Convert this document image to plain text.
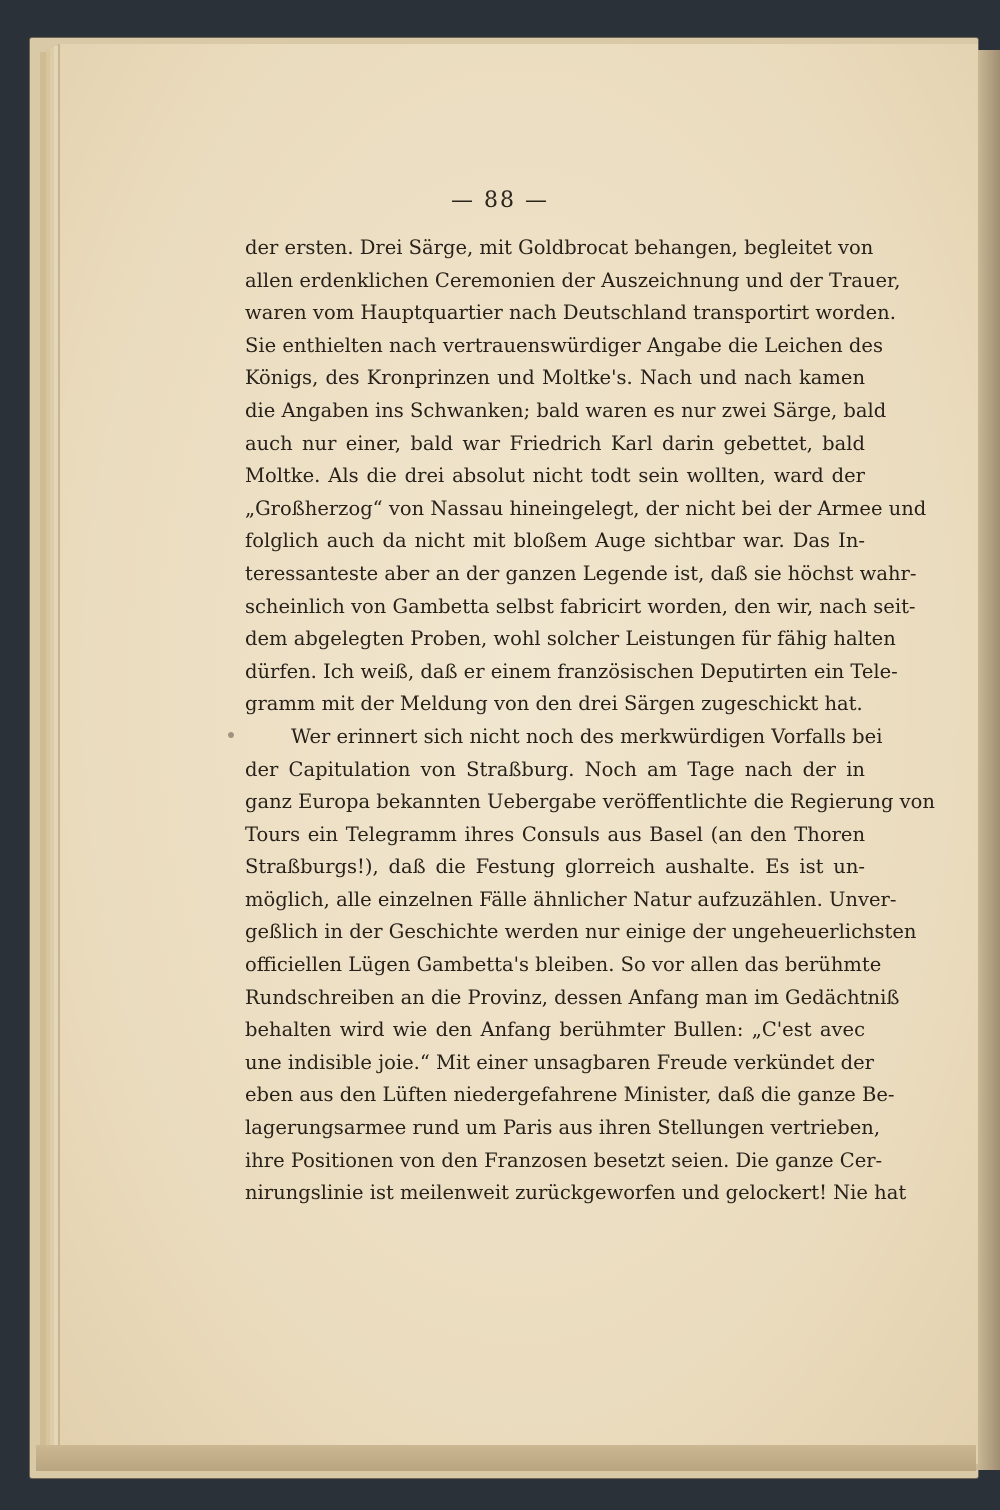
— 88 —
der ersten. Drei Särge, mit Goldbrocat behangen, begleitet von
allen erdenklichen Ceremonien der Auszeichnung und der Trauer,
waren vom Hauptquartier nach Deutschland transportirt worden.
Sie enthielten nach vertrauenswürdiger Angabe die Leichen des
Königs, des Kronprinzen und Moltke's. Nach und nach kamen
die Angaben ins Schwanken; bald waren es nur zwei Särge, bald
auch nur einer, bald war Friedrich Karl darin gebettet, bald
Moltke. Als die drei absolut nicht todt sein wollten, ward der
„Großherzog“ von Nassau hineingelegt, der nicht bei der Armee und
folglich auch da nicht mit bloßem Auge sichtbar war. Das In-
teressanteste aber an der ganzen Legende ist, daß sie höchst wahr-
scheinlich von Gambetta selbst fabricirt worden, den wir, nach seit-
dem abgelegten Proben, wohl solcher Leistungen für fähig halten
dürfen. Ich weiß, daß er einem französischen Deputirten ein Tele-
gramm mit der Meldung von den drei Särgen zugeschickt hat.
Wer erinnert sich nicht noch des merkwürdigen Vorfalls bei
der Capitulation von Straßburg. Noch am Tage nach der in
ganz Europa bekannten Uebergabe veröffentlichte die Regierung von
Tours ein Telegramm ihres Consuls aus Basel (an den Thoren
Straßburgs!), daß die Festung glorreich aushalte. Es ist un-
möglich, alle einzelnen Fälle ähnlicher Natur aufzuzählen. Unver-
geßlich in der Geschichte werden nur einige der ungeheuerlichsten
officiellen Lügen Gambetta's bleiben. So vor allen das berühmte
Rundschreiben an die Provinz, dessen Anfang man im Gedächtniß
behalten wird wie den Anfang berühmter Bullen: „C'est avec
une indisible joie.“ Mit einer unsagbaren Freude verkündet der
eben aus den Lüften niedergefahrene Minister, daß die ganze Be-
lagerungsarmee rund um Paris aus ihren Stellungen vertrieben,
ihre Positionen von den Franzosen besetzt seien. Die ganze Cer-
nirungslinie ist meilenweit zurückgeworfen und gelockert! Nie hat
